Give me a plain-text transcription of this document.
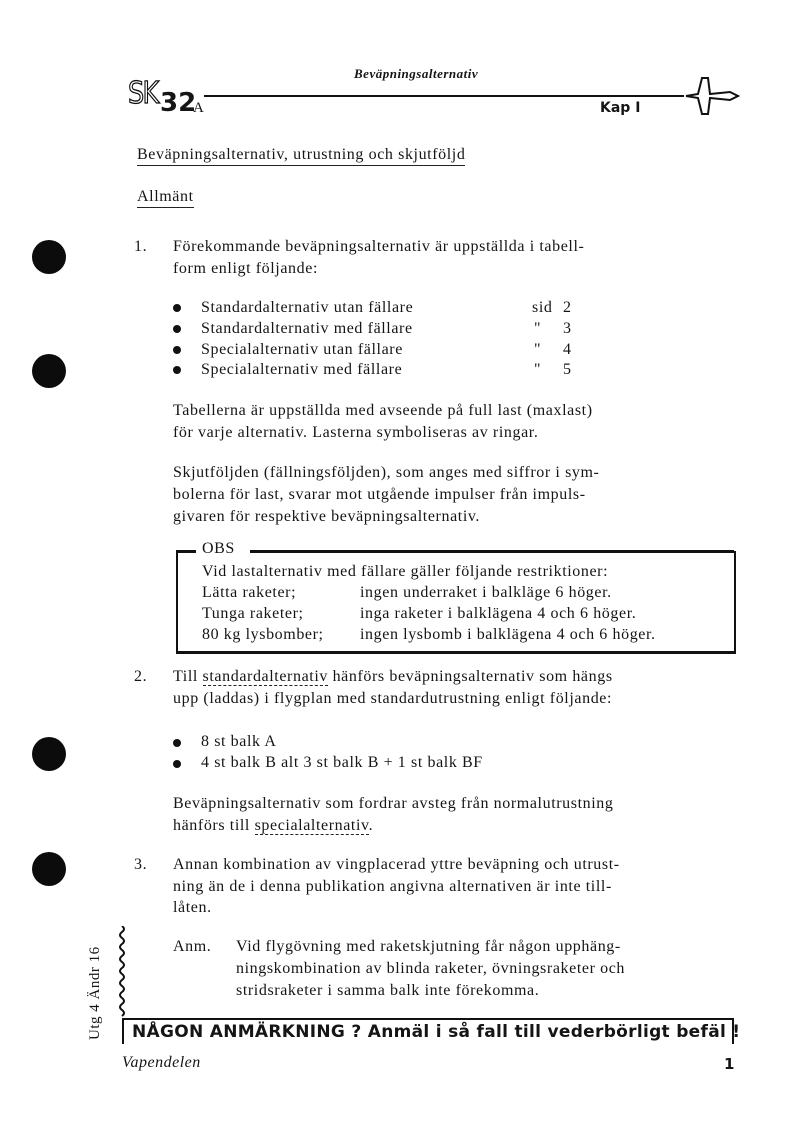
SK 32
A
Beväpningsalternativ
Kap I
Beväpningsalternativ, utrustning och skjutföljd
Allmänt
1. Förekommande beväpningsalternativ är uppställda i tabell-
form enligt följande:
Standardalternativ utan fällare	sid 2
Standardalternativ med fällare	" 3
Specialalternativ utan fällare	" 4
Specialalternativ med fällare	" 5
Tabellerna är uppställda med avseende på full last (maxlast)
för varje alternativ. Lasterna symboliseras av ringar.
Skjutföljden (fällningsföljden), som anges med siffror i sym-
bolerna för last, svarar mot utgående impulser från impuls-
givaren för respektive beväpningsalternativ.
OBS
Vid lastalternativ med fällare gäller följande restriktioner:
Lätta raketer;	ingen underraket i balkläge 6 höger.
Tunga raketer;	inga raketer i balklägena 4 och 6 höger.
80 kg lysbomber; ingen lysbomb i balklägena 4 och 6 höger.
2. Till standardalternativ hänförs beväpningsalternativ som hängs
upp (laddas) i flygplan med standardutrustning enligt följande:
8 st balk A
4 st balk B alt 3 st balk B + 1 st balk BF
Beväpningsalternativ som fordrar avsteg från normalutrustning
hänförs till specialalternativ.
3. Annan kombination av vingplacerad yttre beväpning och utrust-
ning än de i denna publikation angivna alternativen är inte till-
låten.
Utg 4 Ändr 16	Anm. Vid flygövning med raketskjutning får någon upphäng-
ningskombination av blinda raketer, övningsraketer och
stridsraketer i samma balk inte förekomma.
NÅGON ANMÄRKNING ? Anmäl i så fall till vederbörligt befäl !
Vapendelen	1
